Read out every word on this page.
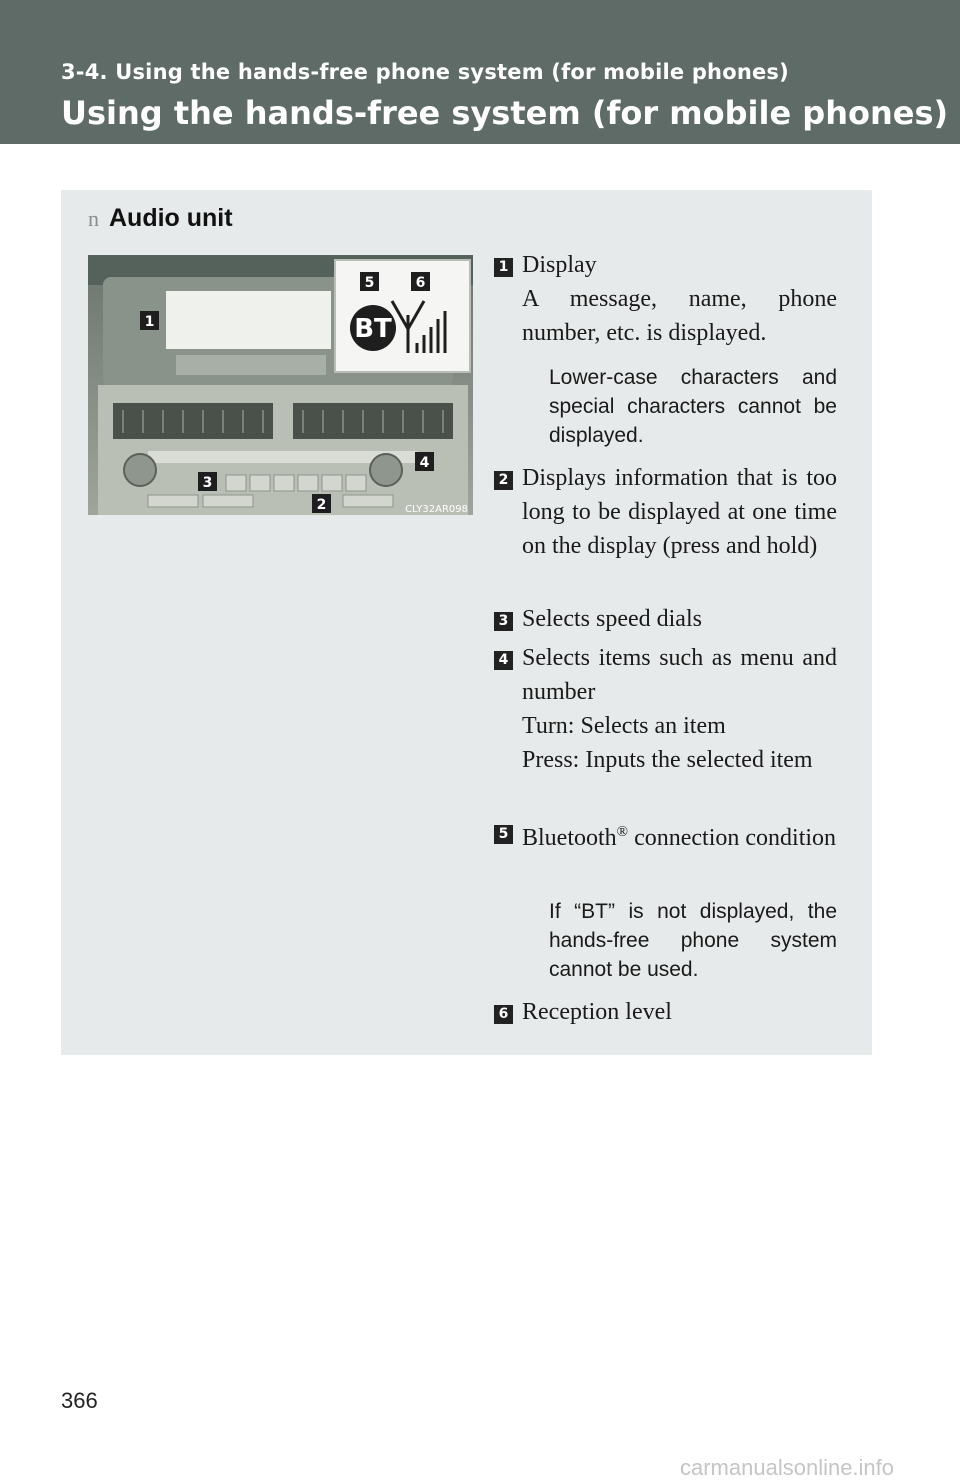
3-4. Using the hands-free phone system (for mobile phones)
Using the hands-free system (for mobile phones)
n Audio unit
BT
1
2
3
4
5	6
CLY32AR098
1 Display
A message, name, phone number, etc. is displayed.
Lower-case characters and special characters cannot be displayed.
2 Displays information that is too long to be displayed at one time on the display (press and hold)
3 Selects speed dials
4 Selects items such as menu and number
Turn: Selects an item
Press: Inputs the selected item
5 Bluetooth® connection condition
If “BT” is not displayed, the hands-free phone system cannot be used.
6 Reception level
366
carmanualsonline.info
